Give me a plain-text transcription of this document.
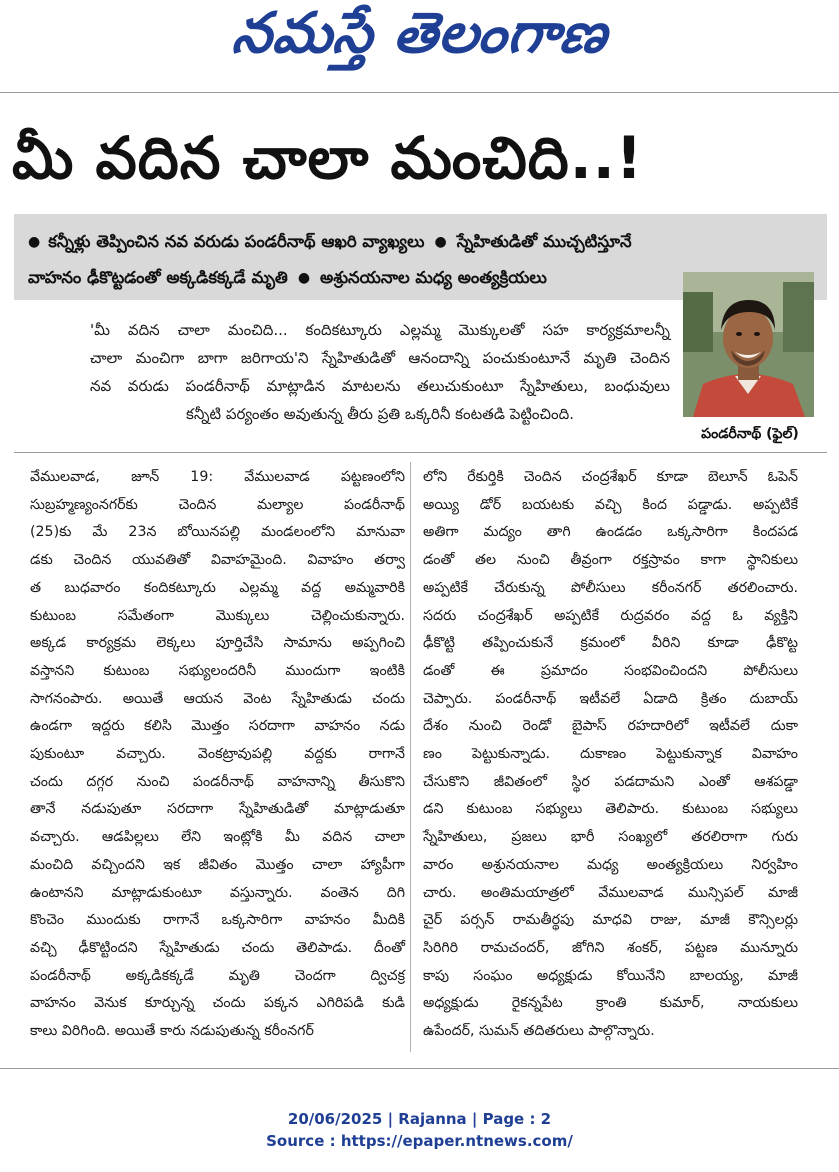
నమస్తే తెలంగాణ
మీ వదిన చాలా మంచిది..!
● కన్నీళ్లు తెప్పించిన నవ వరుడు పండరీనాథ్ ఆఖరి వ్యాఖ్యలు ● స్నేహితుడితో ముచ్చటిస్తూనే
వాహనం ఢీకొట్టడంతో అక్కడికక్కడే మృతి ● అశ్రునయనాల మధ్య అంత్యక్రియలు

'మీ వదిన చాలా మంచిది... కందికట్కూరు ఎల్లమ్మ మొక్కులతో సహ కార్యక్రమాలన్నీ

చాలా మంచిగా బాగా జరిగాయ'ని స్నేహితుడితో ఆనందాన్ని పంచుకుంటూనే మృతి చెందిన

నవ వరుడు పండరీనాథ్ మాట్లాడిన మాటలను తలుచుకుంటూ స్నేహితులు, బంధువులు

కన్నీటి పర్యంతం అవుతున్న తీరు ప్రతి ఒక్కరినీ కంటతడి పెట్టించింది.

పండరీనాథ్ (ఫైల్)

వేములవాడ, జూన్ 19: వేములవాడ పట్టణంలోని

సుబ్రహ్మణ్యంనగర్‌కు చెందిన మల్యాల పండరీనాథ్

(25)కు మే 23న బోయినపల్లి మండలంలోని మానువా

డకు చెందిన యువతితో వివాహమైంది. వివాహం తర్వా

త బుధవారం కందికట్కూరు ఎల్లమ్మ వద్ద అమ్మవారికి

కుటుంబ సమేతంగా మొక్కులు చెల్లించుకున్నారు.

అక్కడ కార్యక్రమ లెక్కలు పూర్తిచేసి సామాను అప్పగించి

వస్తానని కుటుంబ సభ్యులందరినీ ముందుగా ఇంటికి

సాగనంపారు. అయితే ఆయన వెంట స్నేహితుడు చందు

ఉండగా ఇద్దరు కలిసి మొత్తం సరదాగా వాహనం నడు

పుకుంటూ వచ్చారు. వెంకట్రావుపల్లి వద్దకు రాగానే

చందు దగ్గర నుంచి పండరీనాథ్ వాహనాన్ని తీసుకొని

తానే నడుపుతూ సరదాగా స్నేహితుడితో మాట్లాడుతూ

వచ్చారు. ఆడపిల్లలు లేని ఇంట్లోకి మీ వదిన చాలా

మంచిది వచ్చిందని ఇక జీవితం మొత్తం చాలా హ్యాపీగా

ఉంటానని మాట్లాడుకుంటూ వస్తున్నారు. వంతెన దిగి

కొంచెం ముందుకు రాగానే ఒక్కసారిగా వాహనం మీదికి

వచ్చి ఢీకొట్టిందని స్నేహితుడు చందు తెలిపాడు. దీంతో

పండరీనాథ్ అక్కడికక్కడే మృతి చెందగా ద్విచక్ర

వాహనం వెనుక కూర్చున్న చందు పక్కన ఎగిరిపడి కుడి

కాలు విరిగింది. అయితే కారు నడుపుతున్న కరీంనగర్

లోని రేకుర్తికి చెందిన చంద్రశేఖర్ కూడా బెలూన్ ఓపెన్

అయ్యి డోర్ బయటకు వచ్చి కింద పడ్డాడు. అప్పటికే

అతిగా మద్యం తాగి ఉండడం ఒక్కసారిగా కిందపడ

డంతో తల నుంచి తీవ్రంగా రక్తస్రావం కాగా స్థానికులు

అప్పటికే చేరుకున్న పోలీసులు కరీంనగర్ తరలించారు.

సదరు చంద్రశేఖర్ అప్పటికే రుద్రవరం వద్ద ఓ వ్యక్తిని

ఢీకొట్టి తప్పించుకునే క్రమంలో వీరిని కూడా ఢీకొట్ట

డంతో ఈ ప్రమాదం సంభవించిందని పోలీసులు

చెప్పారు. పండరీనాథ్ ఇటీవలే ఏడాది క్రితం దుబాయ్

దేశం నుంచి రెండో బైపాస్ రహదారిలో ఇటీవలే దుకా

ణం పెట్టుకున్నాడు. దుకాణం పెట్టుకున్నాక వివాహం

చేసుకొని జీవితంలో స్థిర పడదామని ఎంతో ఆశపడ్డా

డని కుటుంబ సభ్యులు తెలిపారు. కుటుంబ సభ్యులు

స్నేహితులు, ప్రజలు భారీ సంఖ్యలో తరలిరాగా గురు

వారం అశ్రునయనాల మధ్య అంత్యక్రియలు నిర్వహిం

చారు. అంతిమయాత్రలో వేములవాడ మున్సిపల్ మాజీ

చైర్ పర్సన్ రామతీర్థపు మాధవి రాజు, మాజీ కౌన్సిలర్లు

సిరిగిరి రామచందర్, జోగిని శంకర్, పట్టణ మున్నూరు

కాపు సంఘం అధ్యక్షుడు కోయినేని బాలయ్య, మాజీ

అధ్యక్షుడు రైకన్నపేట క్రాంతి కుమార్, నాయకులు

ఉపేందర్, సుమన్ తదితరులు పాల్గొన్నారు.

20/06/2025 | Rajanna | Page : 2
Source : https://epaper.ntnews.com/
